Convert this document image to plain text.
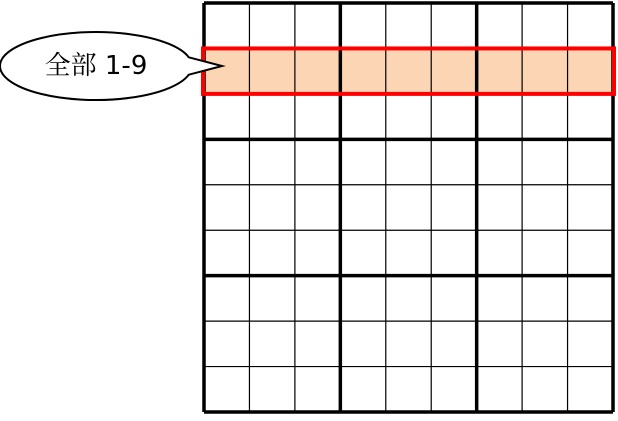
全部 1-9
